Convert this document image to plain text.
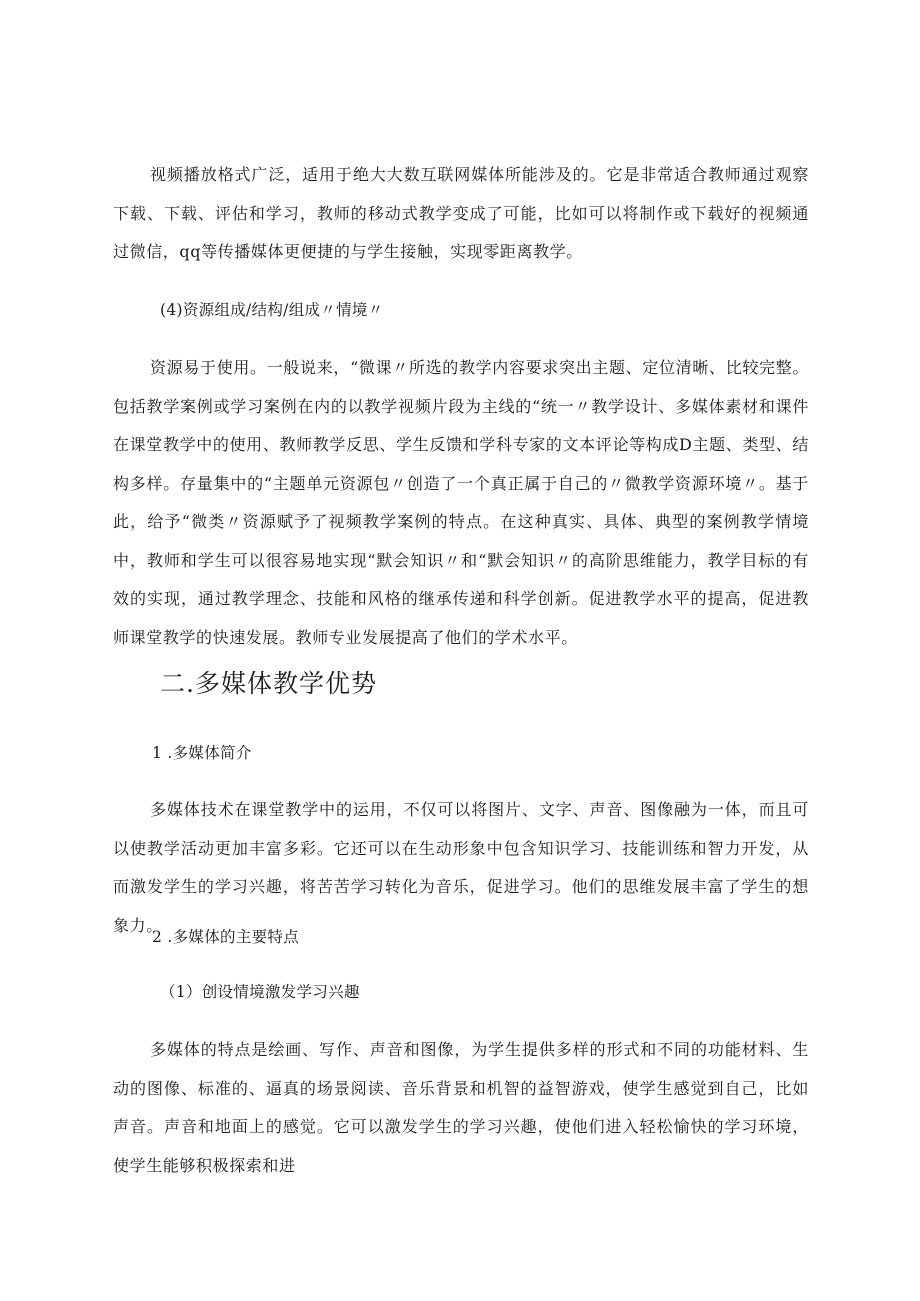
视频播放格式广泛，适用于绝大大数互联网媒体所能涉及的。它是非常适合教师通过观察下载、下载、评估和学习，教师的移动式教学变成了可能，比如可以将制作或下载好的视频通过微信，qq等传播媒体更便捷的与学生接触，实现零距离教学。

(4)资源组成/结构/组成〃情境〃

资源易于使用。一般说来，“微课〃所选的教学内容要求突出主题、定位清晰、比较完整。包括教学案例或学习案例在内的以教学视频片段为主线的“统一〃教学设计、多媒体素材和课件在课堂教学中的使用、教师教学反思、学生反馈和学科专家的文本评论等构成D主题、类型、结构多样。存量集中的“主题单元资源包〃创造了一个真正属于自己的〃微教学资源环境〃。基于此，给予“微类〃资源赋予了视频教学案例的特点。在这种真实、具体、典型的案例教学情境中，教师和学生可以很容易地实现“默会知识〃和“默会知识〃的高阶思维能力，教学目标的有效的实现，通过教学理念、技能和风格的继承传递和科学创新。促进教学水平的提高，促进教师课堂教学的快速发展。教师专业发展提高了他们的学术水平。

二.多媒体教学优势

1 .多媒体简介

多媒体技术在课堂教学中的运用，不仅可以将图片、文字、声音、图像融为一体，而且可以使教学活动更加丰富多彩。它还可以在生动形象中包含知识学习、技能训练和智力开发，从而激发学生的学习兴趣，将苦苦学习转化为音乐，促进学习。他们的思维发展丰富了学生的想象力。

2 .多媒体的主要特点

（1）创设情境激发学习兴趣

多媒体的特点是绘画、写作、声音和图像，为学生提供多样的形式和不同的功能材料、生动的图像、标准的、逼真的场景阅读、音乐背景和机智的益智游戏，使学生感觉到自己，比如声音。声音和地面上的感觉。它可以激发学生的学习兴趣，使他们进入轻松愉快的学习环境，使学生能够积极探索和进
